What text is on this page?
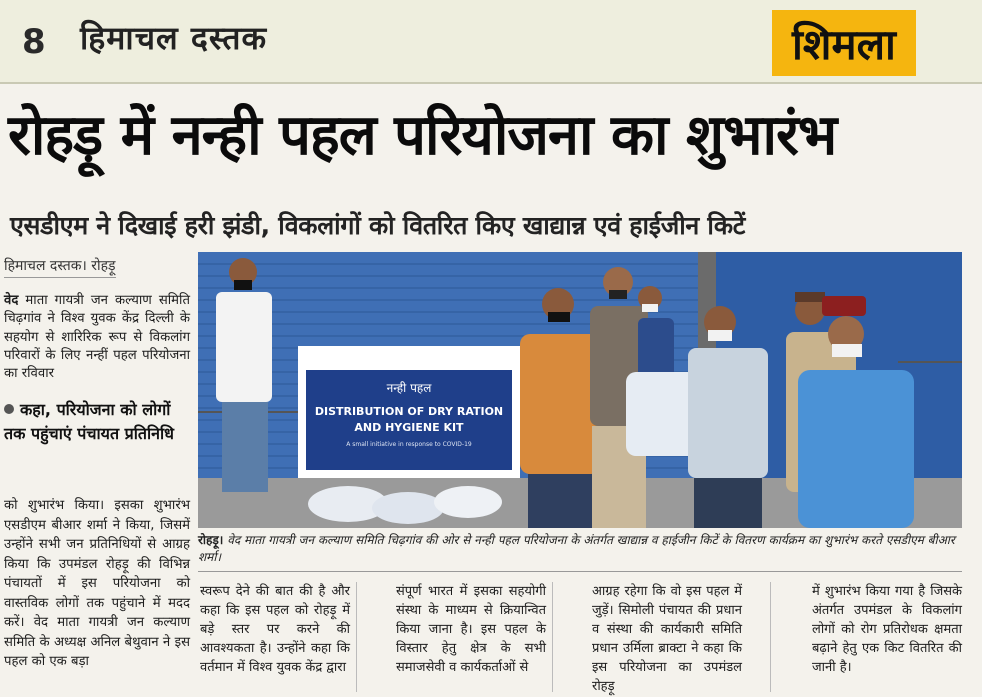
8 हिमाचल दस्तक	शिमला
रोहड़ू में नन्ही पहल परियोजना का शुभारंभ
एसडीएम ने दिखाई हरी झंडी, विकलांगों को वितरित किए खाद्यान्न एवं हाईजीन किटें
हिमाचल दस्तक। रोहड़ू

वेद माता गायत्री जन कल्याण समिति चिढ़गांव ने विश्व युवक केंद्र दिल्ली के सहयोग से शारिरिक रूप से विकलांग परिवारों के लिए नन्हीं पहल परियोजना का रविवार

कहा, परियोजना को लोगों तक पहुंचाएं पंचायत प्रतिनिधि

को शुभारंभ किया। इसका शुभारंभ एसडीएम बीआर शर्मा ने किया, जिसमें उन्होंने सभी जन प्रतिनिधियों से आग्रह किया कि उपमंडल रोहड़ू की विभिन्न पंचायतों में इस परियोजना को वास्तविक लोगों तक पहुंचाने में मदद करें। वेद माता गायत्री जन कल्याण समिति के अध्यक्ष अनिल बेथुवान ने इस पहल को एक बड़ा

नन्ही पहल
DISTRIBUTION OF DRY RATION
AND HYGIENE KIT
A small initiative in response to COVID-19

रोहड़ू। वेद माता गायत्री जन कल्याण समिति चिढ़गांव की ओर से नन्ही पहल परियोजना के अंतर्गत खाद्यान्न व हाईजीन किटें के वितरण कार्यक्रम का शुभारंभ करते एसडीएम बीआर शर्मा।

स्वरूप देने की बात की है और कहा कि इस पहल को रोहड़ू में बड़े स्तर पर करने की आवश्यकता है। उन्होंने कहा कि वर्तमान में विश्व युवक केंद्र द्वारा

संपूर्ण भारत में इसका सहयोगी संस्था के माध्यम से क्रियान्वित किया जाना है। इस पहल के विस्तार हेतु क्षेत्र के सभी समाजसेवी व कार्यकर्ताओं से

आग्रह रहेगा कि वो इस पहल में जुड़ें। सिमोली पंचायत की प्रधान व संस्था की कार्यकारी समिति प्रधान उर्मिला ब्राक्टा ने कहा कि इस परियोजना का उपमंडल रोहड़ू

में शुभारंभ किया गया है जिसके अंतर्गत उपमंडल के विकलांग लोगों को रोग प्रतिरोधक क्षमता बढ़ाने हेतु एक किट वितरित की जानी है।
